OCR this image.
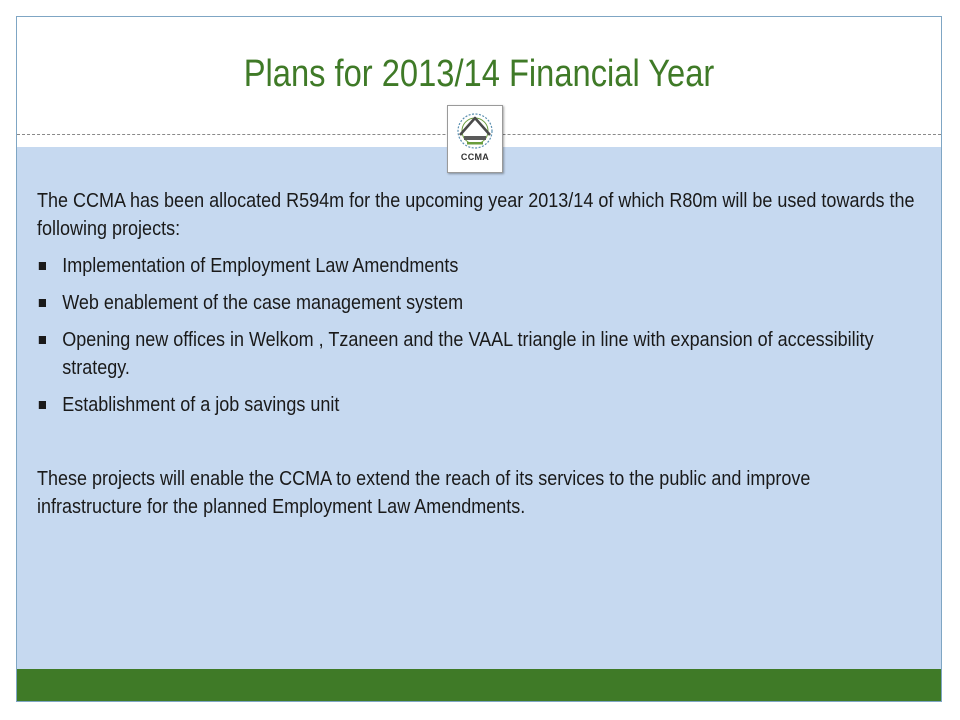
Plans for 2013/14 Financial Year
CCMA

The CCMA has been allocated R594m for the upcoming year 2013/14 of which R80m will be used towards the following projects:

Implementation of Employment Law Amendments
Web enablement of the case management system
Opening new offices in Welkom , Tzaneen and the VAAL triangle in line with expansion of accessibility strategy.
Establishment of a job savings unit

These projects will enable the CCMA to extend the reach of its services to the public and improve infrastructure for the planned Employment Law Amendments.
